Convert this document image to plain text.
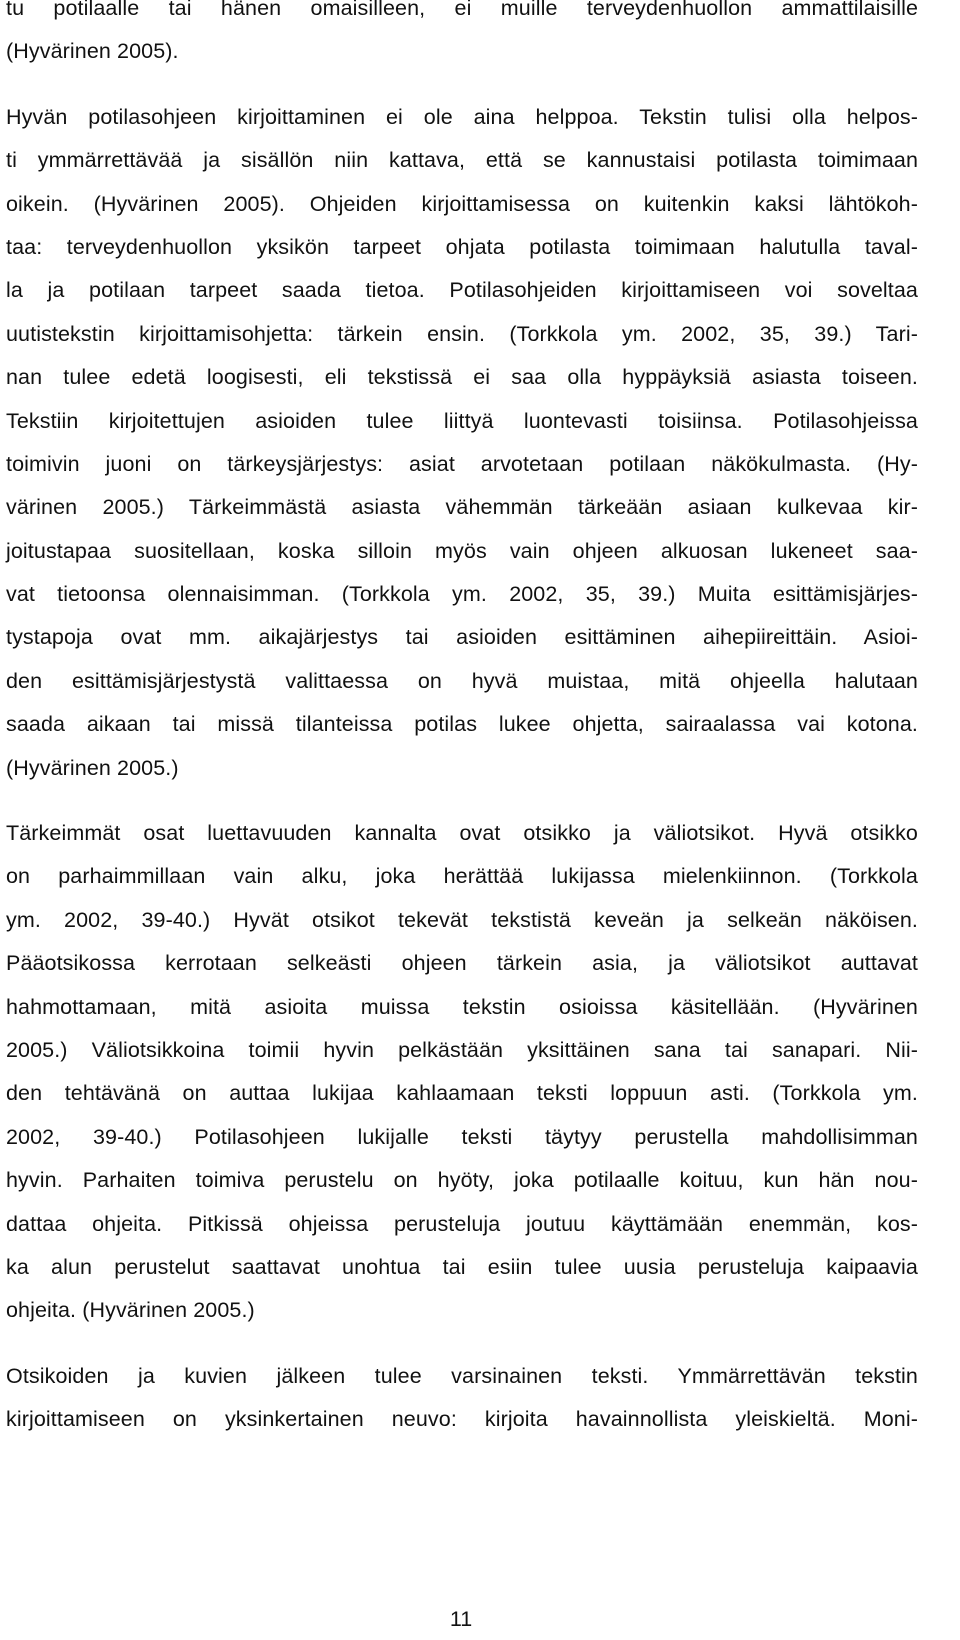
tu potilaalle tai hänen omaisilleen, ei muille terveydenhuollon ammattilaisille
(Hyvärinen 2005).
Hyvän potilasohjeen kirjoittaminen ei ole aina helppoa. Tekstin tulisi olla helpos-
ti ymmärrettävää ja sisällön niin kattava, että se kannustaisi potilasta toimimaan
oikein. (Hyvärinen 2005). Ohjeiden kirjoittamisessa on kuitenkin kaksi lähtökoh-
taa: terveydenhuollon yksikön tarpeet ohjata potilasta toimimaan halutulla taval-
la ja potilaan tarpeet saada tietoa. Potilasohjeiden kirjoittamiseen voi soveltaa
uutistekstin kirjoittamisohjetta: tärkein ensin. (Torkkola ym. 2002, 35, 39.) Tari-
nan tulee edetä loogisesti, eli tekstissä ei saa olla hyppäyksiä asiasta toiseen.
Tekstiin kirjoitettujen asioiden tulee liittyä luontevasti toisiinsa. Potilasohjeissa
toimivin juoni on tärkeysjärjestys: asiat arvotetaan potilaan näkökulmasta. (Hy-
värinen 2005.) Tärkeimmästä asiasta vähemmän tärkeään asiaan kulkevaa kir-
joitustapaa suositellaan, koska silloin myös vain ohjeen alkuosan lukeneet saa-
vat tietoonsa olennaisimman. (Torkkola ym. 2002, 35, 39.) Muita esittämisjärjes-
tystapoja ovat mm. aikajärjestys tai asioiden esittäminen aihepiireittäin. Asioi-
den esittämisjärjestystä valittaessa on hyvä muistaa, mitä ohjeella halutaan
saada aikaan tai missä tilanteissa potilas lukee ohjetta, sairaalassa vai kotona.
(Hyvärinen 2005.)
Tärkeimmät osat luettavuuden kannalta ovat otsikko ja väliotsikot. Hyvä otsikko
on parhaimmillaan vain alku, joka herättää lukijassa mielenkiinnon. (Torkkola
ym. 2002, 39-40.) Hyvät otsikot tekevät tekstistä keveän ja selkeän näköisen.
Pääotsikossa kerrotaan selkeästi ohjeen tärkein asia, ja väliotsikot auttavat
hahmottamaan, mitä asioita muissa tekstin osioissa käsitellään. (Hyvärinen
2005.) Väliotsikkoina toimii hyvin pelkästään yksittäinen sana tai sanapari. Nii-
den tehtävänä on auttaa lukijaa kahlaamaan teksti loppuun asti. (Torkkola ym.
2002, 39-40.) Potilasohjeen lukijalle teksti täytyy perustella mahdollisimman
hyvin. Parhaiten toimiva perustelu on hyöty, joka potilaalle koituu, kun hän nou-
dattaa ohjeita. Pitkissä ohjeissa perusteluja joutuu käyttämään enemmän, kos-
ka alun perustelut saattavat unohtua tai esiin tulee uusia perusteluja kaipaavia
ohjeita. (Hyvärinen 2005.)
Otsikoiden ja kuvien jälkeen tulee varsinainen teksti. Ymmärrettävän tekstin
kirjoittamiseen on yksinkertainen neuvo: kirjoita havainnollista yleiskieltä. Moni-
11
